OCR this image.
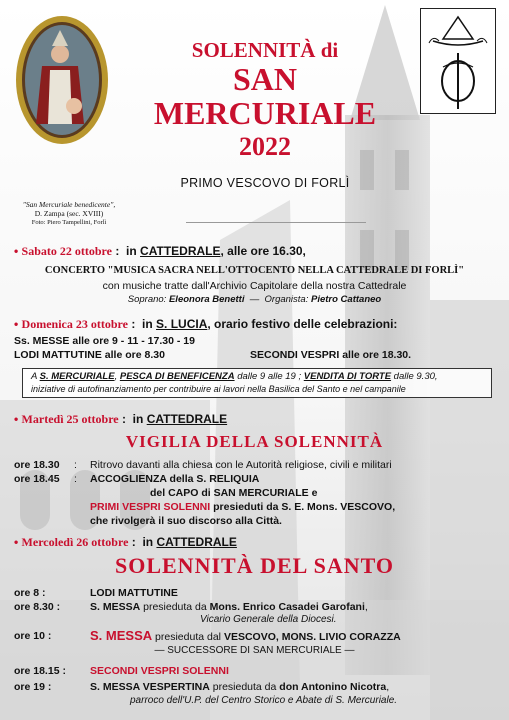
"San Mercuriale benedicente",
D. Zampa (sec. XVIII)
Foto: Piero Tampellini, Forlì
SOLENNITÀ di
SAN
MERCURIALE
2022
PRIMO VESCOVO DI FORLÌ
• Sabato 22 ottobre :  in CATTEDRALE, alle ore 16.30,
CONCERTO "MUSICA SACRA NELL'OTTOCENTO NELLA CATTEDRALE DI FORLÌ"
con musiche tratte dall'Archivio Capitolare della nostra Cattedrale
Soprano: Eleonora Benetti  —  Organista: Pietro Cattaneo
• Domenica 23 ottobre :  in S. LUCIA, orario festivo delle celebrazioni:
Ss. MESSE alle ore 9 - 11 - 17.30 - 19
LODI MATTUTINE alle ore 8.30	SECONDI VESPRI alle ore 18.30.
A S. MERCURIALE, PESCA DI BENEFICENZA dalle 9 alle 19 ; VENDITA DI TORTE dalle 9.30,
iniziative di autofinanziamento per contribuire ai lavori nella Basilica del Santo e nel campanile
• Martedì 25 ottobre :  in CATTEDRALE
VIGILIA DELLA SOLENNITÀ
ore 18.30 : Ritrovo davanti alla chiesa con le Autorità religiose, civili e militari
ore 18.45 : ACCOGLIENZA della S. RELIQUIA
del CAPO di SAN MERCURIALE e
PRIMI VESPRI SOLENNI presieduti da S. E. Mons. VESCOVO,
che rivolgerà il suo discorso alla Città.
• Mercoledì 26 ottobre :  in CATTEDRALE
SOLENNITÀ DEL SANTO
ore 8 :	LODI MATTUTINE
ore 8.30 :	S. MESSA presieduta da Mons. Enrico Casadei Garofani,
Vicario Generale della Diocesi.
ore 10 :	S. MESSA presieduta dal VESCOVO, MONS. LIVIO CORAZZA
— SUCCESSORE DI SAN MERCURIALE —
ore 18.15 : SECONDI VESPRI SOLENNI
ore 19 :	S. MESSA VESPERTINA presieduta da don Antonino Nicotra,
parroco dell'U.P. del Centro Storico e Abate di S. Mercuriale.
